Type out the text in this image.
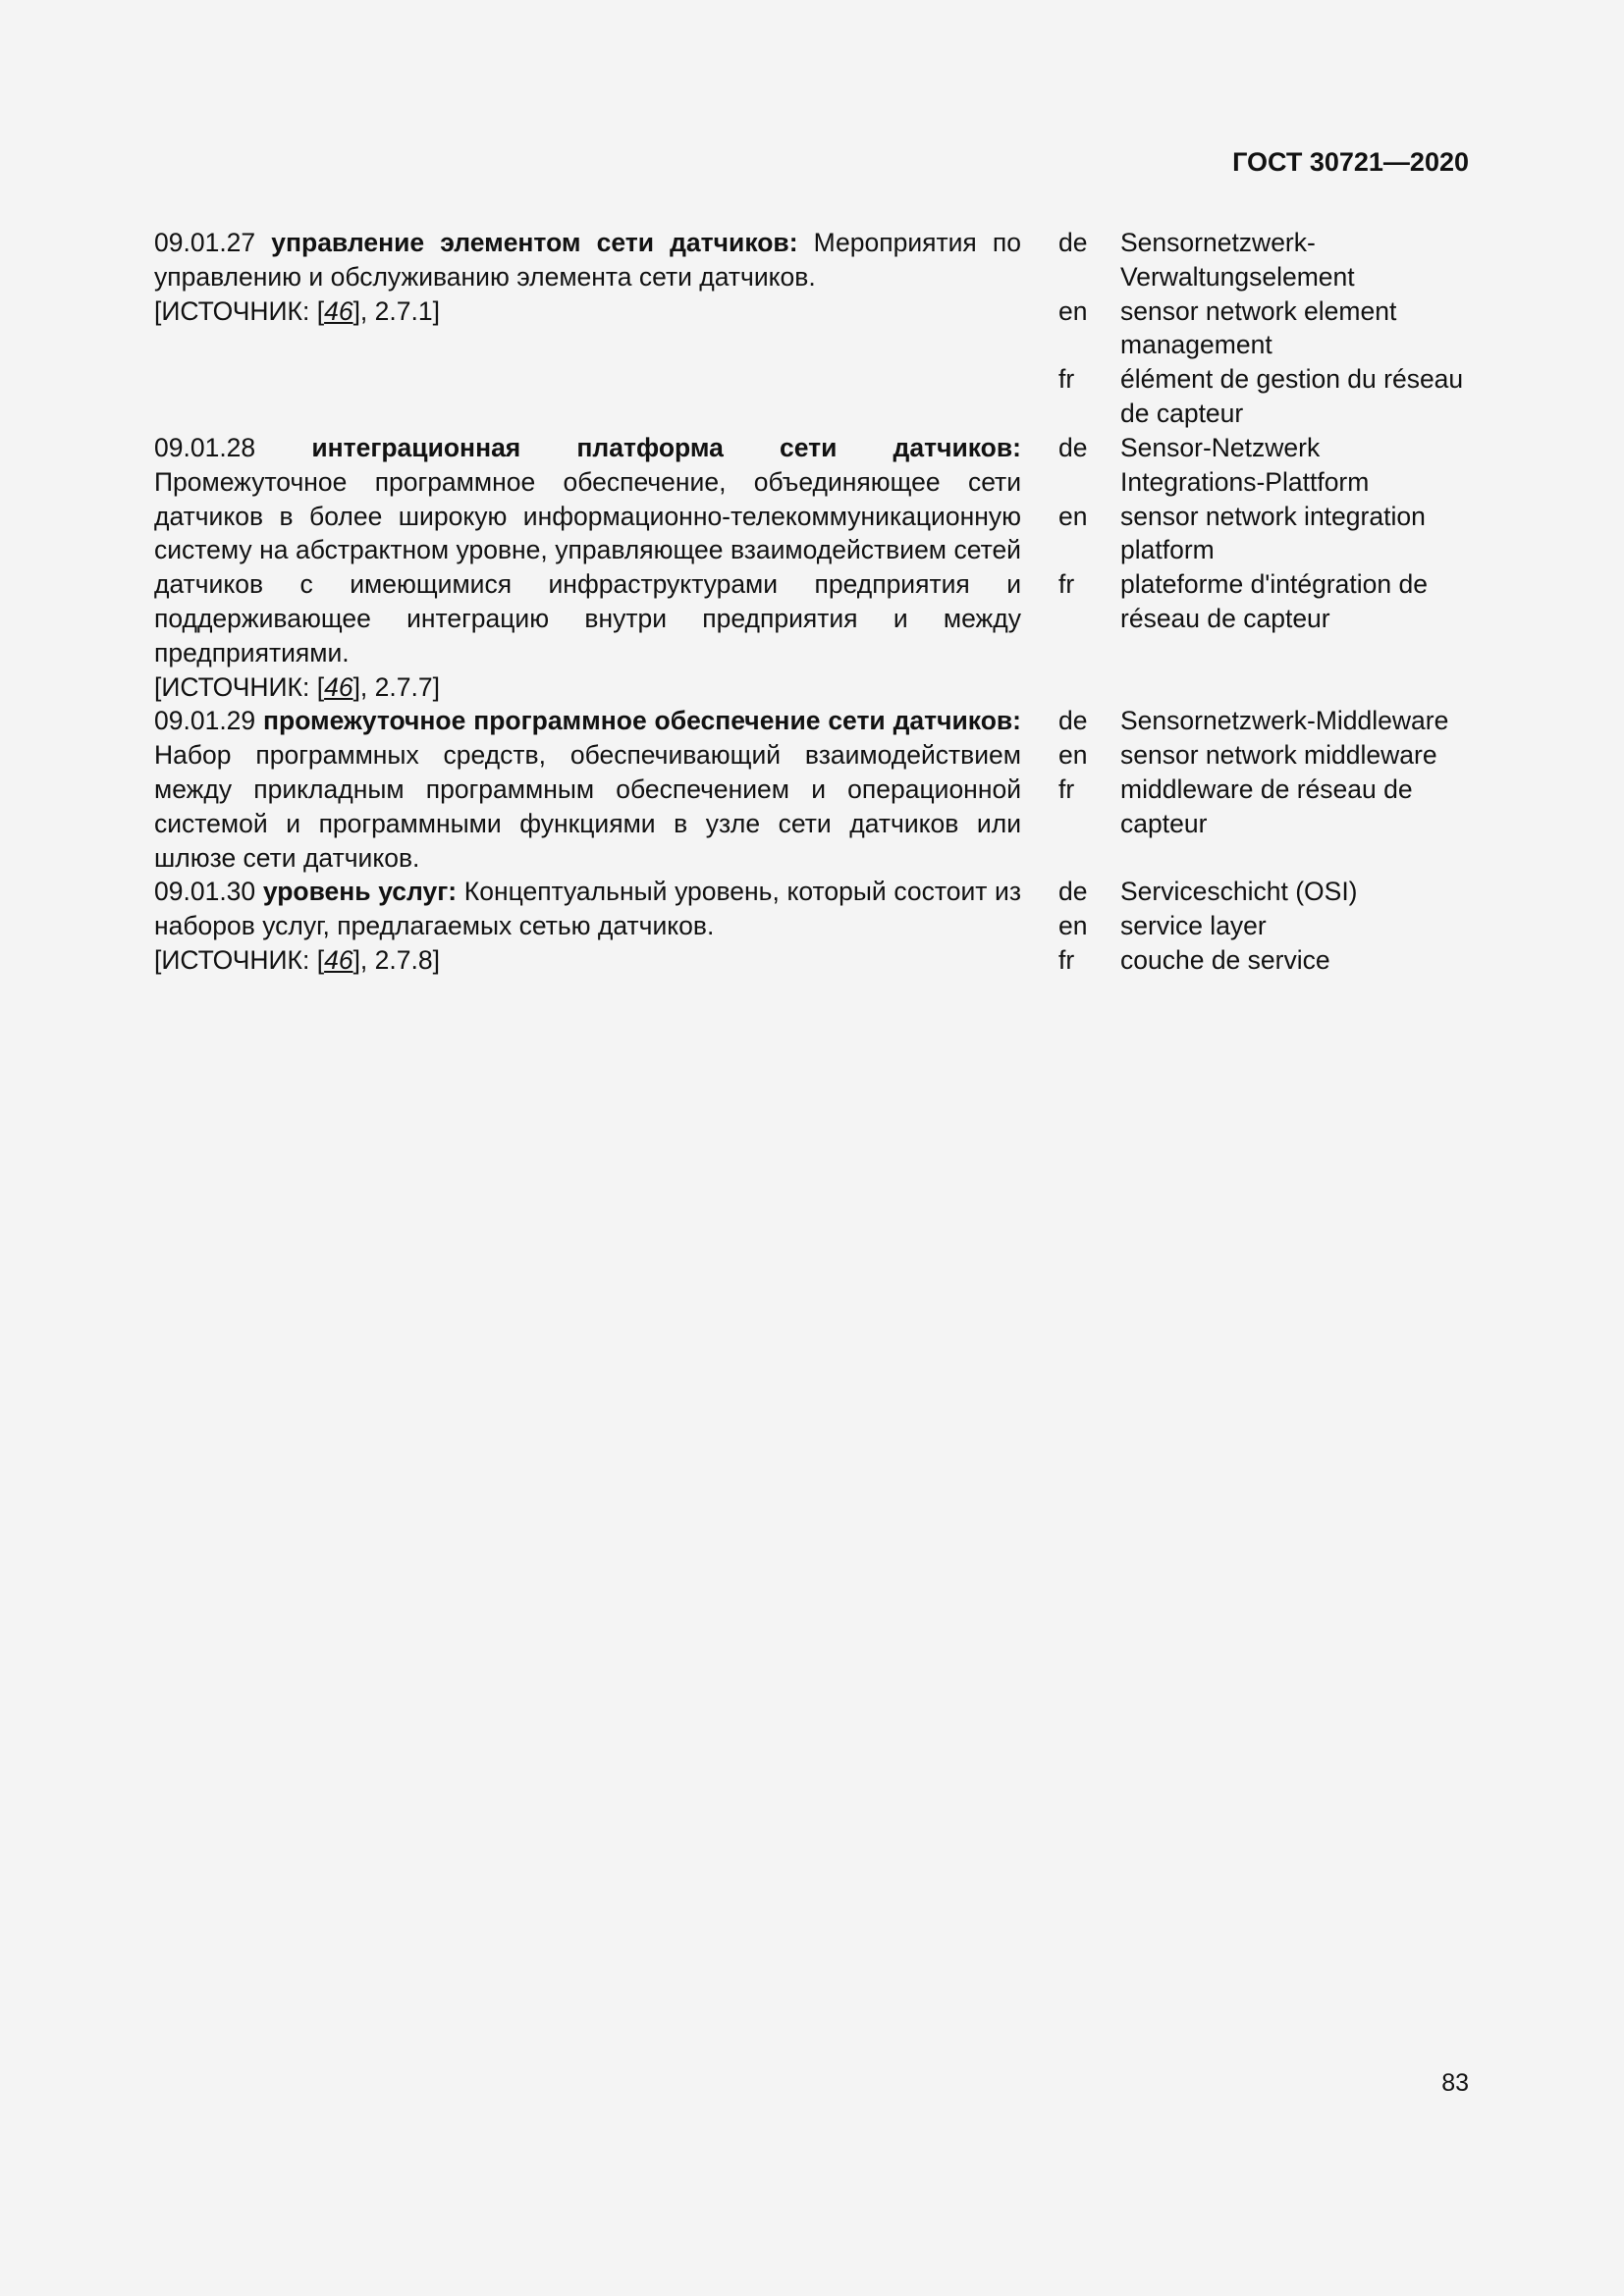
ГОСТ 30721—2020
09.01.27 управление элементом сети датчиков: Мероприятия по управлению и обслуживанию элемента сети датчиков.
[ИСТОЧНИК: [46], 2.7.1]
de	Sensornetzwerk-Verwaltungselement
en	sensor network element management
fr	élément de gestion du réseau de capteur
09.01.28 интеграционная платформа сети датчиков: Промежуточное программное обеспечение, объединяющее сети датчиков в более широкую информационно-телекоммуникационную систему на абстрактном уровне, управляющее взаимодействием сетей датчиков с имеющимися инфраструктурами предприятия и поддерживающее интеграцию внутри предприятия и между предприятиями.
[ИСТОЧНИК: [46], 2.7.7]
de	Sensor-Netzwerk Integrations-Plattform
en	sensor network integration platform
fr	plateforme d'intégration de réseau de capteur
09.01.29 промежуточное программное обеспечение сети датчиков: Набор программных средств, обеспечивающий взаимодействием между прикладным программным обеспечением и операционной системой и программными функциями в узле сети датчиков или шлюзе сети датчиков.
de	Sensornetzwerk-Middleware
en	sensor network middleware
fr	middleware de réseau de capteur
09.01.30 уровень услуг: Концептуальный уровень, который состоит из наборов услуг, предлагаемых сетью датчиков.
[ИСТОЧНИК: [46], 2.7.8]
de	Serviceschicht (OSI)
en	service layer
fr	couche de service
83
